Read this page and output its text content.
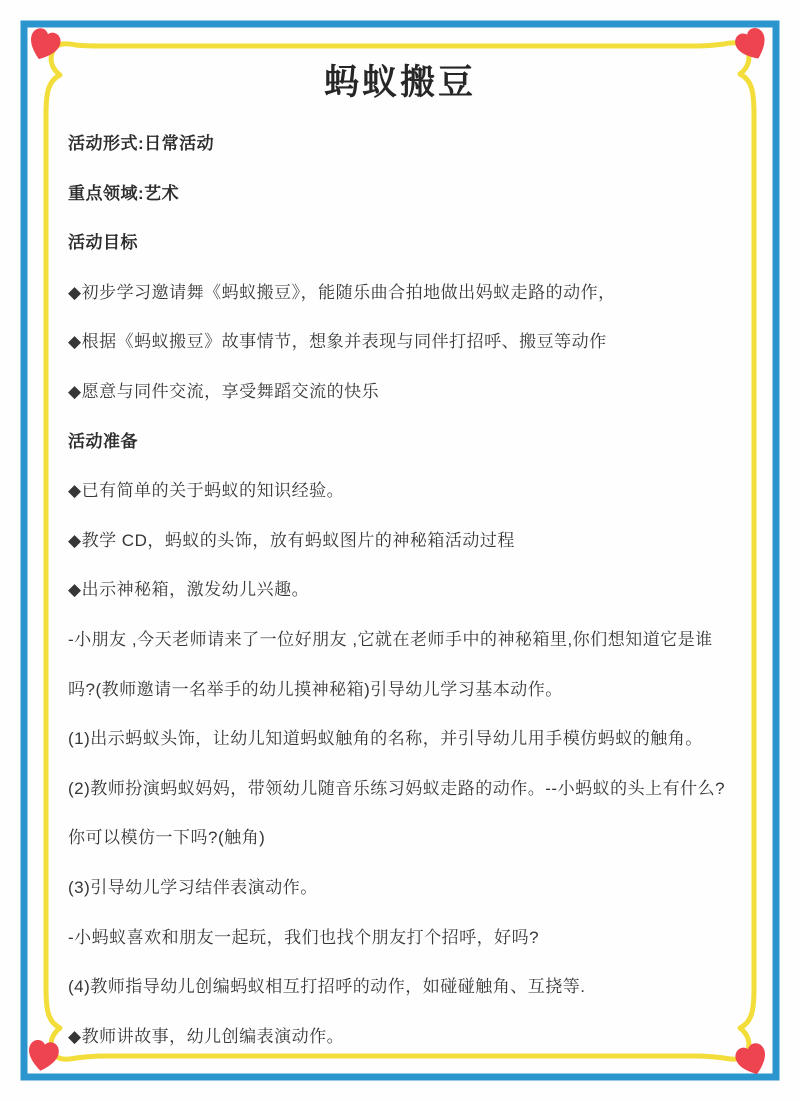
蚂蚁搬豆

活动形式:日常活动

重点领域:艺术

活动目标

◆初步学习邀请舞《蚂蚁搬豆》，能随乐曲合拍地做出妈蚁走路的动作，

◆根据《蚂蚁搬豆》故事情节，想象并表现与同伴打招呼、搬豆等动作

◆愿意与同件交流，享受舞蹈交流的快乐

活动准备

◆已有简单的关于蚂蚁的知识经验。

◆教学 CD，蚂蚁的头饰，放有蚂蚁图片的神秘箱活动过程

◆出示神秘箱，激发幼儿兴趣。

-小朋友 ,今天老师请来了一位好朋友 ,它就在老师手中的神秘箱里,你们想知道它是谁吗?(教师邀请一名举手的幼儿摸神秘箱)引导幼儿学习基本动作。

(1)出示蚂蚁头饰，让幼儿知道蚂蚁触角的名称，并引导幼儿用手模仿蚂蚁的触角。

(2)教师扮演蚂蚁妈妈，带领幼儿随音乐练习妈蚁走路的动作。--小蚂蚁的头上有什么?你可以模仿一下吗?(触角)

(3)引导幼儿学习结伴表演动作。

-小蚂蚁喜欢和朋友一起玩，我们也找个朋友打个招呼，好吗?

(4)教师指导幼儿创编蚂蚁相互打招呼的动作，如碰碰触角、互挠等.

◆教师讲故事，幼儿创编表演动作。
